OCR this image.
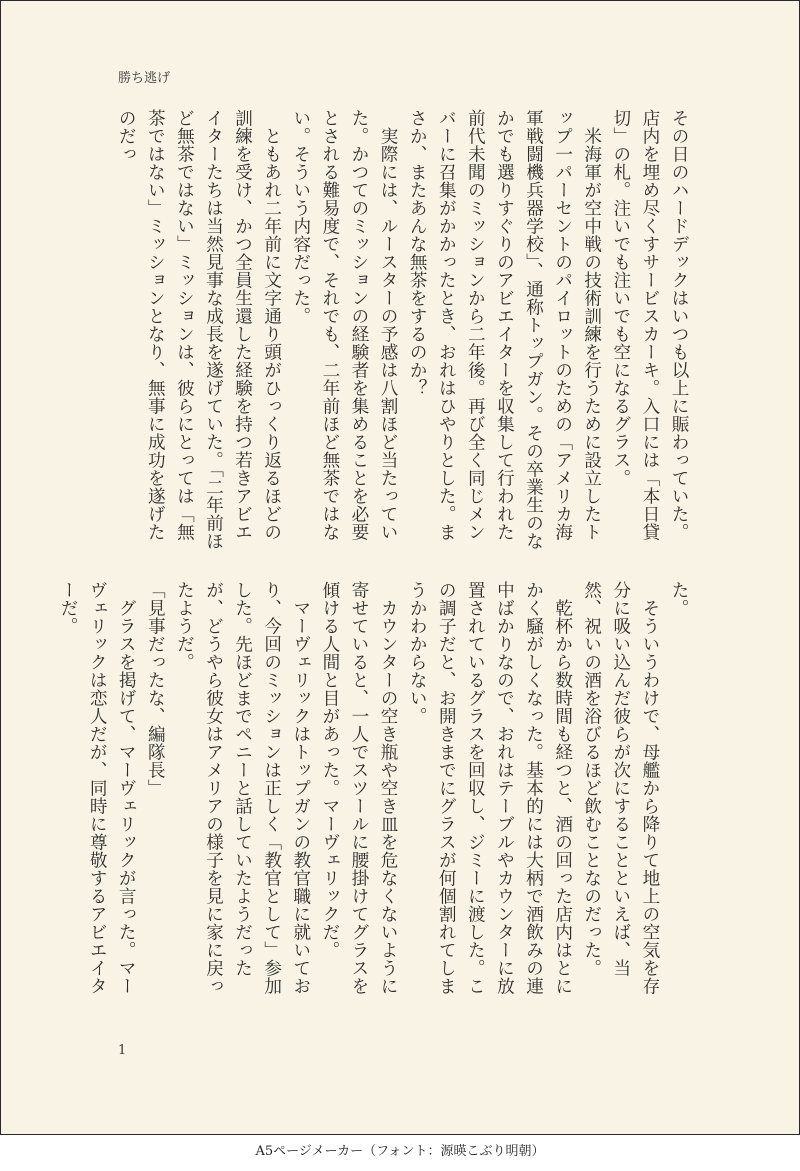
勝ち逃げ

その日のハードデックはいつも以上に賑わっていた。

店内を埋め尽くすサービスカーキ。入口には「本日貸切」の札。注いでも注いでも空になるグラス。

米海軍が空中戦の技術訓練を行うために設立したトップ一パーセントのパイロットのための「アメリカ海軍戦闘機兵器学校」、通称トップガン。その卒業生のなかでも選りすぐりのアビエイターを収集して行われた前代未聞のミッションから二年後。再び全く同じメンバーに召集がかかったとき、おれはひやりとした。まさか、またあんな無茶をするのか？

実際には、ルースターの予感は八割ほど当たっていた。かつてのミッションの経験者を集めることを必要とされる難易度で、それでも、二年前ほど無茶ではない。そういう内容だった。

ともあれ二年前に文字通り頭がひっくり返るほどの訓練を受け、かつ全員生還した経験を持つ若きアビエイターたちは当然見事な成長を遂げていた。「二年前ほど無茶ではない」ミッションは、彼らにとっては「無茶ではない」ミッションとなり、無事に成功を遂げたのだっ

た。

そういうわけで、母艦から降りて地上の空気を存分に吸い込んだ彼らが次にすることといえば、当然、祝いの酒を浴びるほど飲むことなのだった。

乾杯から数時間も経つと、酒の回った店内はとにかく騒がしくなった。基本的には大柄で酒飲みの連中ばかりなので、おれはテーブルやカウンターに放置されているグラスを回収し、ジミーに渡した。この調子だと、お開きまでにグラスが何個割れてしまうかわからない。

カウンターの空き瓶や空き皿を危なくないように寄せていると、一人でスツールに腰掛けてグラスを傾ける人間と目があった。マーヴェリックだ。

マーヴェリックはトップガンの教官職に就いており、今回のミッションは正しく「教官として」参加した。先ほどまでペニーと話していたようだったが、どうやら彼女はアメリアの様子を見に家に戻ったようだ。

「見事だったな、編隊長」

グラスを掲げて、マーヴェリックが言った。マーヴェリックは恋人だが、同時に尊敬するアビエイターだ。

1
A5ページメーカー（フォント：源暎こぶり明朝）
